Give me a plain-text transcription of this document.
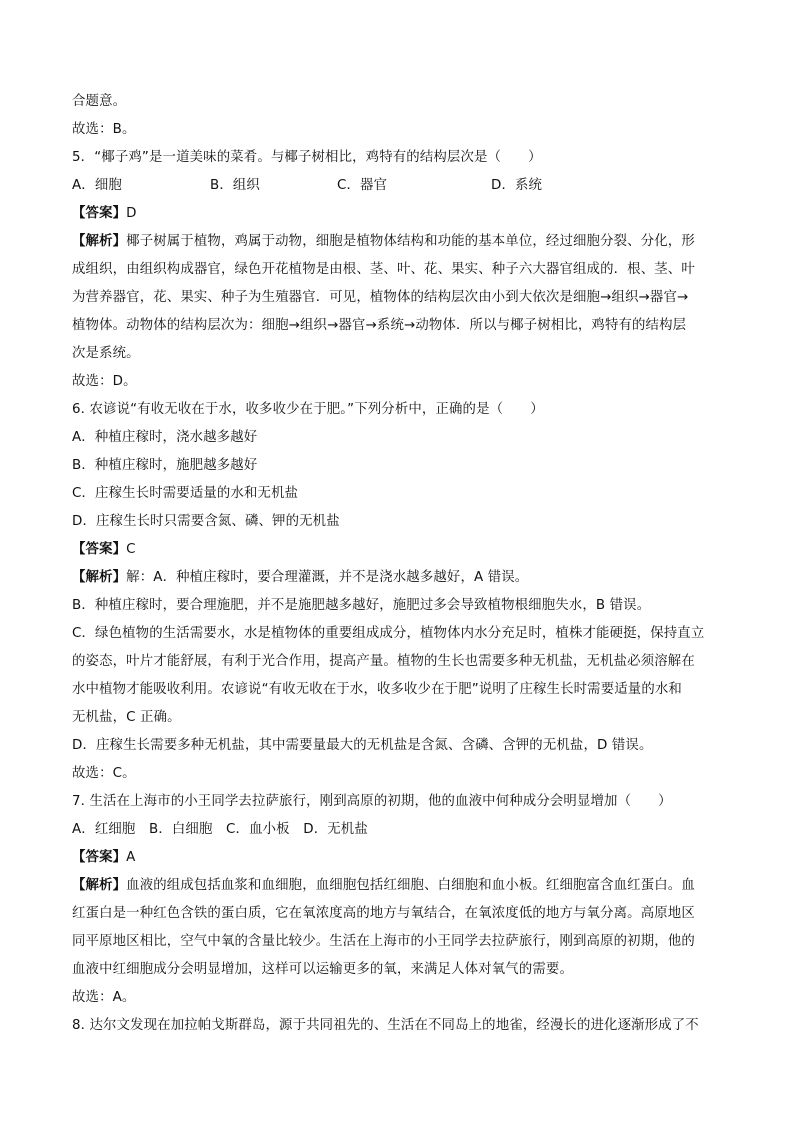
合题意。
故选：B。
5．“椰子鸡”是一道美味的菜肴。与椰子树相比，鸡特有的结构层次是（　　）
A．细胞	B．组织	C．器官	D．系统
【答案】D
【解析】椰子树属于植物，鸡属于动物，细胞是植物体结构和功能的基本单位，经过细胞分裂、分化，形
成组织，由组织构成器官，绿色开花植物是由根、茎、叶、花、果实、种子六大器官组成的．根、茎、叶
为营养器官，花、果实、种子为生殖器官．可见，植物体的结构层次由小到大依次是细胞→组织→器官→
植物体。动物体的结构层次为：细胞→组织→器官→系统→动物体．所以与椰子树相比，鸡特有的结构层
次是系统。
故选：D。
6. 农谚说“有收无收在于水，收多收少在于肥。”下列分析中，正确的是（　　）
A．种植庄稼时，浇水越多越好
B．种植庄稼时，施肥越多越好
C．庄稼生长时需要适量的水和无机盐
D．庄稼生长时只需要含氮、磷、钾的无机盐
【答案】C
【解析】解：A．种植庄稼时，要合理灌溉，并不是浇水越多越好，A 错误。
B．种植庄稼时，要合理施肥，并不是施肥越多越好，施肥过多会导致植物根细胞失水，B 错误。
C．绿色植物的生活需要水，水是植物体的重要组成成分，植物体内水分充足时，植株才能硬挺，保持直立
的姿态，叶片才能舒展，有利于光合作用，提高产量。植物的生长也需要多种无机盐，无机盐必须溶解在
水中植物才能吸收利用。农谚说“有收无收在于水，收多收少在于肥”说明了庄稼生长时需要适量的水和
无机盐，C 正确。
D．庄稼生长需要多种无机盐，其中需要量最大的无机盐是含氮、含磷、含钾的无机盐，D 错误。
故选：C。
7. 生活在上海市的小王同学去拉萨旅行，刚到高原的初期，他的血液中何种成分会明显增加（　　）
A．红细胞　B．白细胞　C．血小板　D．无机盐
【答案】A
【解析】血液的组成包括血浆和血细胞，血细胞包括红细胞、白细胞和血小板。红细胞富含血红蛋白。血
红蛋白是一种红色含铁的蛋白质，它在氧浓度高的地方与氧结合，在氧浓度低的地方与氧分离。高原地区
同平原地区相比，空气中氧的含量比较少。生活在上海市的小王同学去拉萨旅行，刚到高原的初期，他的
血液中红细胞成分会明显增加，这样可以运输更多的氧，来满足人体对氧气的需要。
故选：A。
8. 达尔文发现在加拉帕戈斯群岛，源于共同祖先的、生活在不同岛上的地雀，经漫长的进化逐渐形成了不
